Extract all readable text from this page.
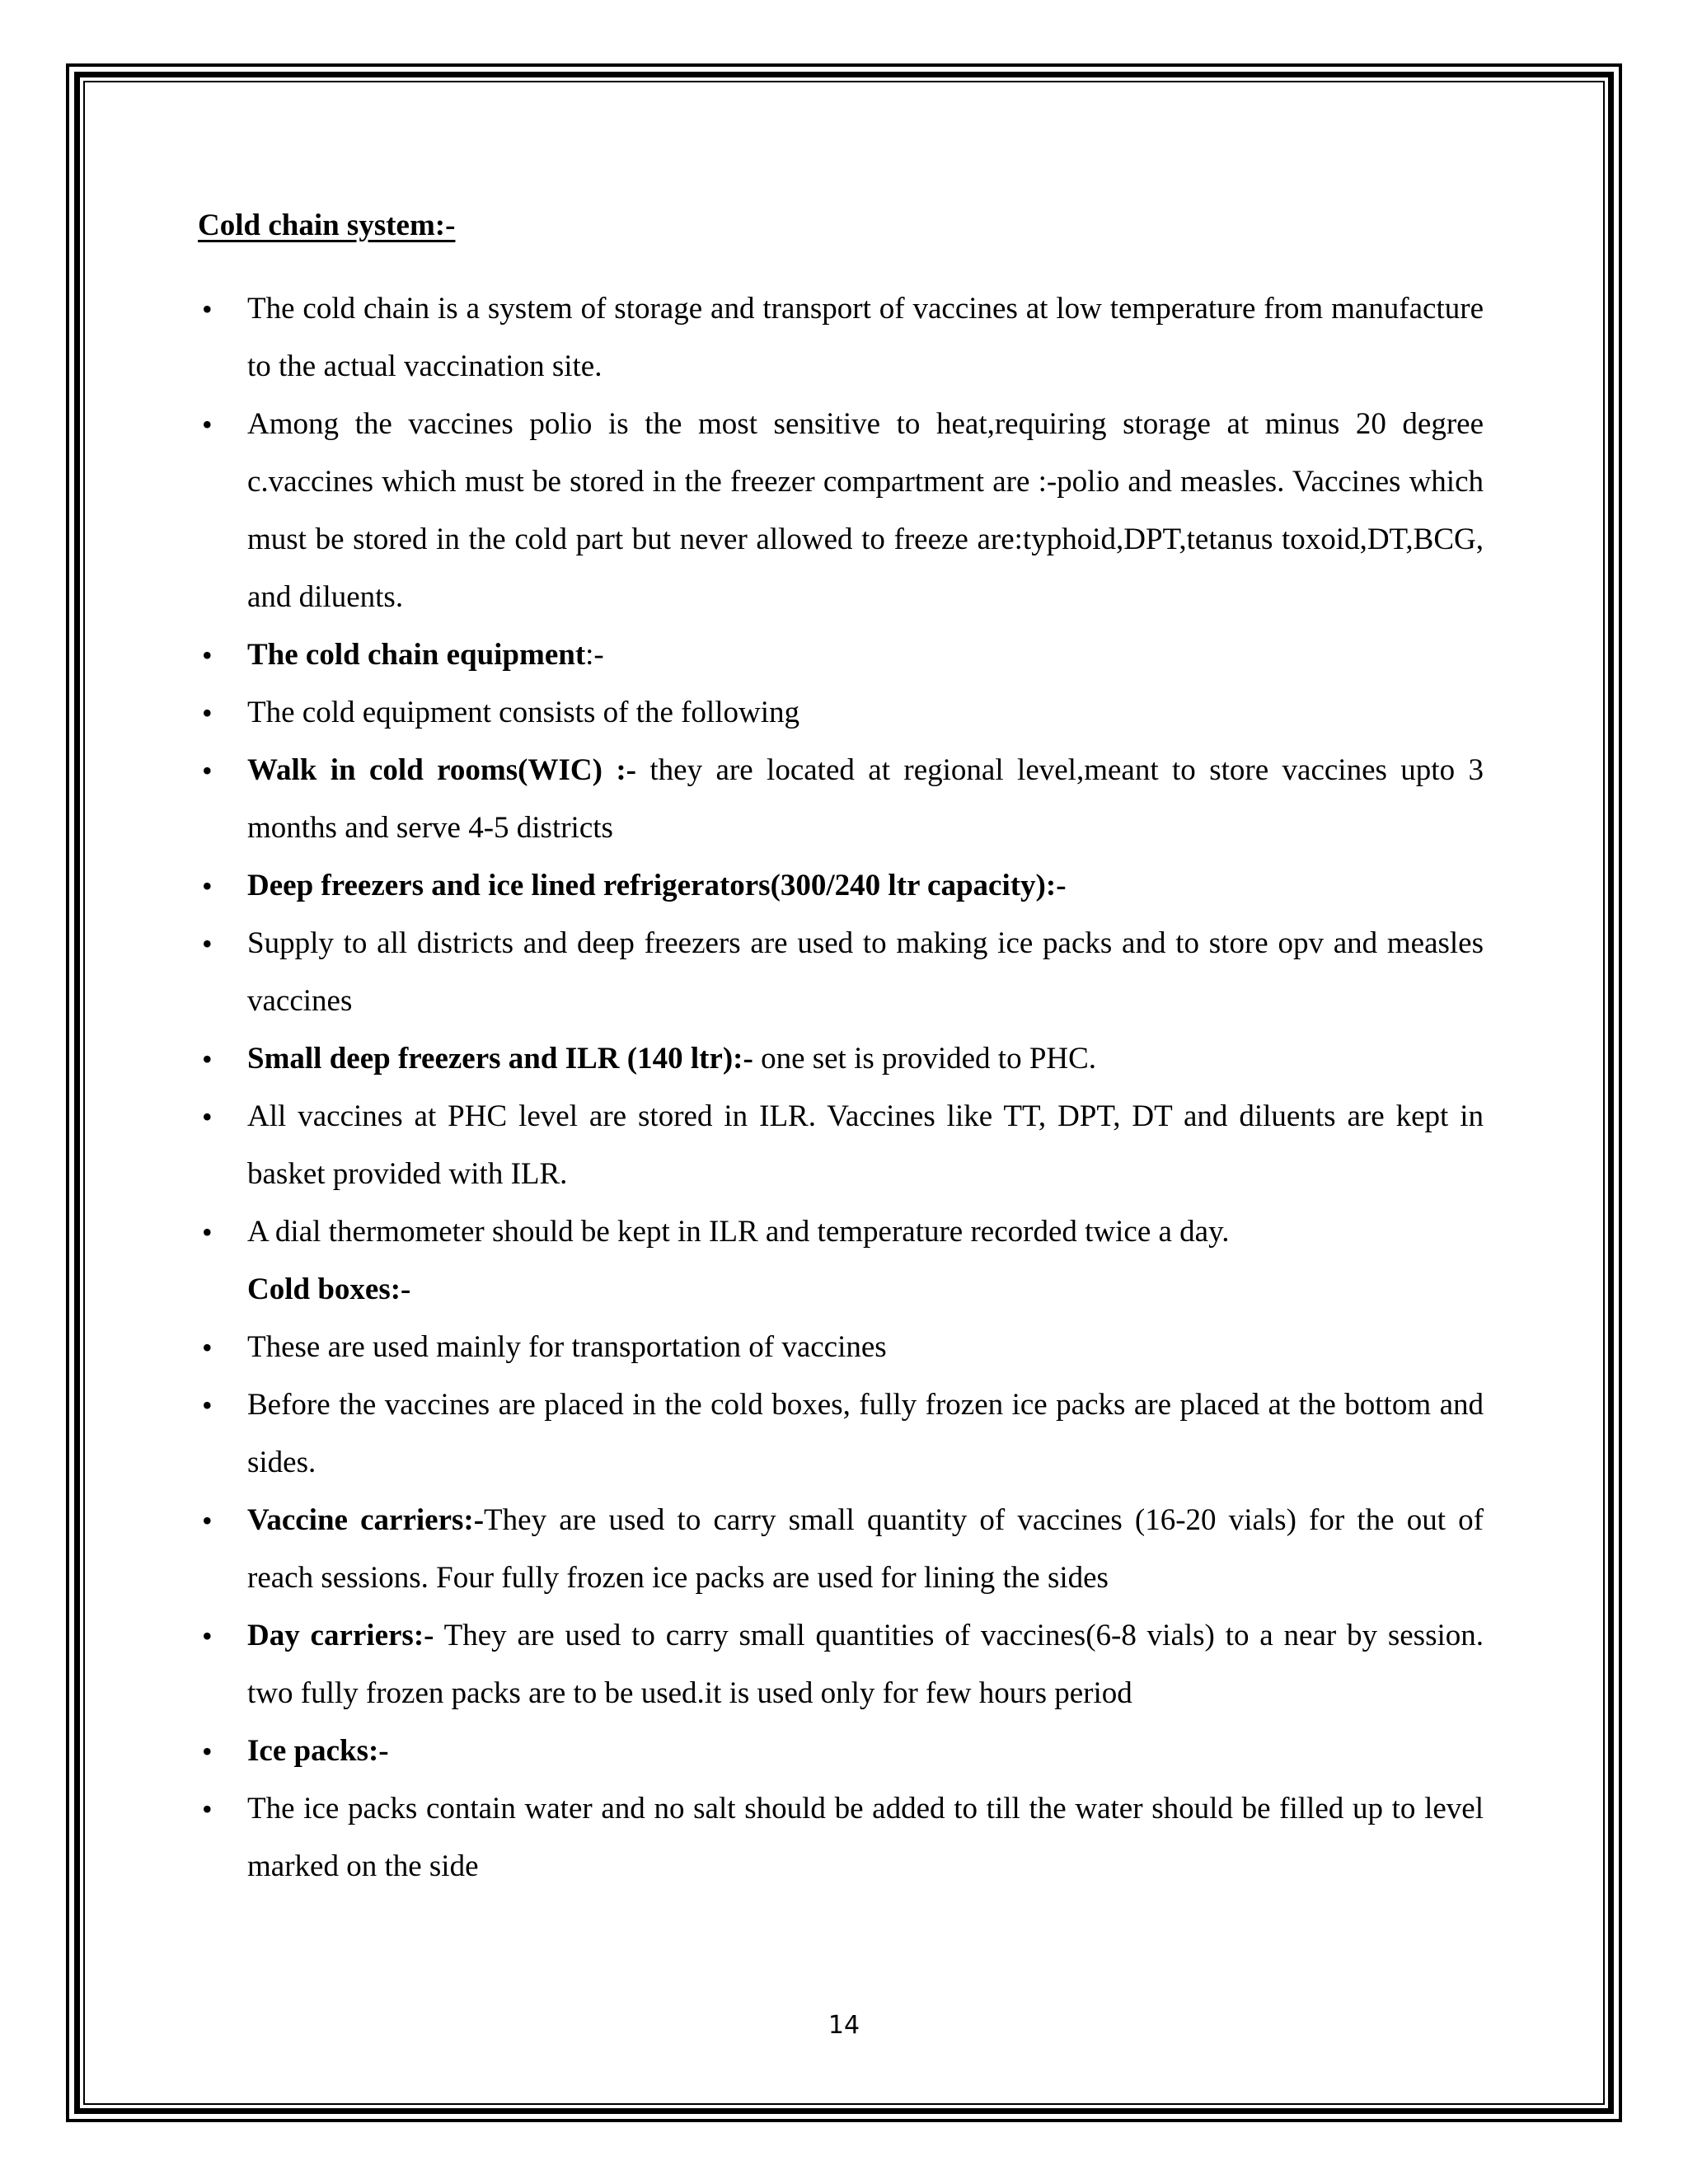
Cold chain system:-
• The cold chain is a system of storage and transport of vaccines at low temperature from manufacture to the actual vaccination site.
• Among the vaccines polio is the most sensitive to heat,requiring storage at minus 20 degree c.vaccines which must be stored in the freezer compartment are :-polio and measles. Vaccines which must be stored in the cold part but never allowed to freeze are:typhoid,DPT,tetanus toxoid,DT,BCG, and diluents.
• The cold chain equipment:-
• The cold equipment consists of the following
• Walk in cold rooms(WIC) :- they are located at regional level,meant to store vaccines upto 3 months and serve 4-5 districts
• Deep freezers and ice lined refrigerators(300/240 ltr capacity):-
• Supply to all districts and deep freezers are used to making ice packs and to store opv and measles vaccines
• Small deep freezers and ILR (140 ltr):- one set is provided to PHC.
• All vaccines at PHC level are stored in ILR. Vaccines like TT, DPT, DT and diluents are kept in basket provided with ILR.
• A dial thermometer should be kept in ILR and temperature recorded twice a day.
Cold boxes:-
• These are used mainly for transportation of vaccines
• Before the vaccines are placed in the cold boxes, fully frozen ice packs are placed at the bottom and sides.
• Vaccine carriers:-They are used to carry small quantity of vaccines (16-20 vials) for the out of reach sessions. Four fully frozen ice packs are used for lining the sides
• Day carriers:- They are used to carry small quantities of vaccines(6-8 vials) to a near by session. two fully frozen packs are to be used.it is used only for few hours period
• Ice packs:-
• The ice packs contain water and no salt should be added to till the water should be filled up to level marked on the side
14
